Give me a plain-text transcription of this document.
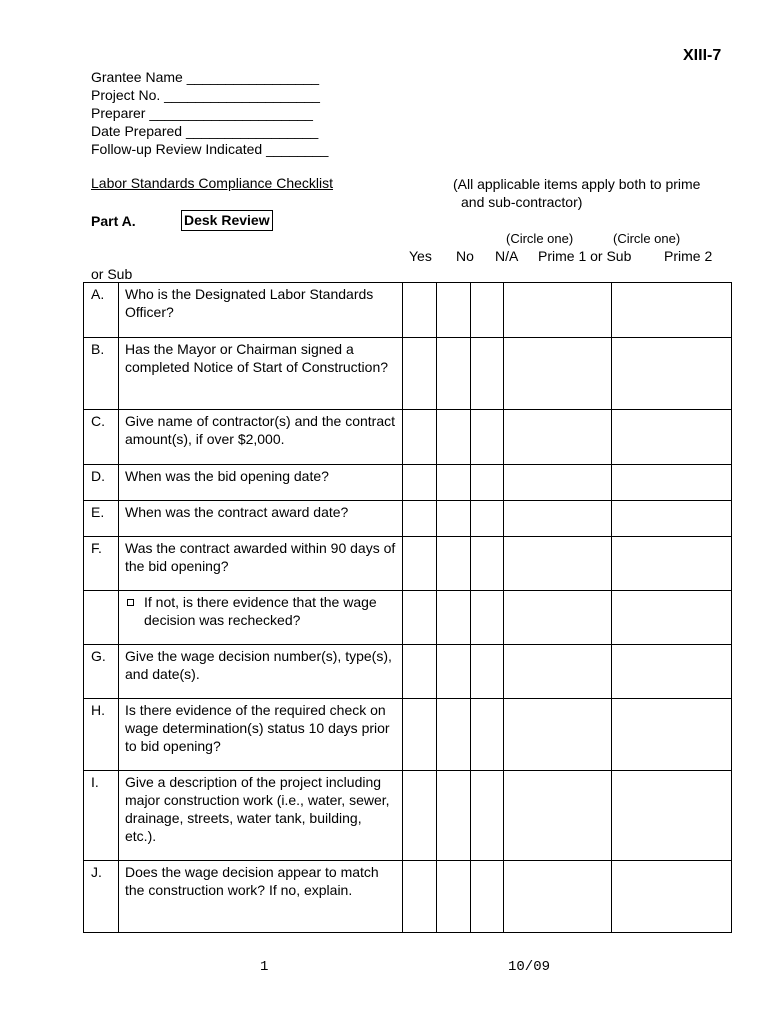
XIII-7
Grantee Name _________________
Project No. ____________________
Preparer _____________________
Date Prepared _________________
Follow-up Review Indicated ________
Labor Standards Compliance Checklist	(All applicable items apply both to prime
and sub-contractor)
Part A.	Desk Review
(Circle one)	(Circle one)
Yes No N/A Prime 1 or Sub Prime 2
or Sub
A.	Who is the Designated Labor Standards Officer?					
B.	Has the Mayor or Chairman signed a completed Notice of Start of Construction?					
C.	Give name of contractor(s) and the contract amount(s), if over $2,000.					
D.	When was the bid opening date?					
E.	When was the contract award date?					
F.	Was the contract awarded within 90 days of the bid opening?					

	If not, is there evidence that the wage decision was rechecked?					

G.	Give the wage decision number(s), type(s), and date(s).					
H.	Is there evidence of the required check on wage determination(s) status 10 days prior to bid opening?					
I.	Give a description of the project including major construction work (i.e., water, sewer, drainage, streets, water tank, building, etc.).					
J.	Does the wage decision appear to match the construction work? If no, explain.					
1	10/09
